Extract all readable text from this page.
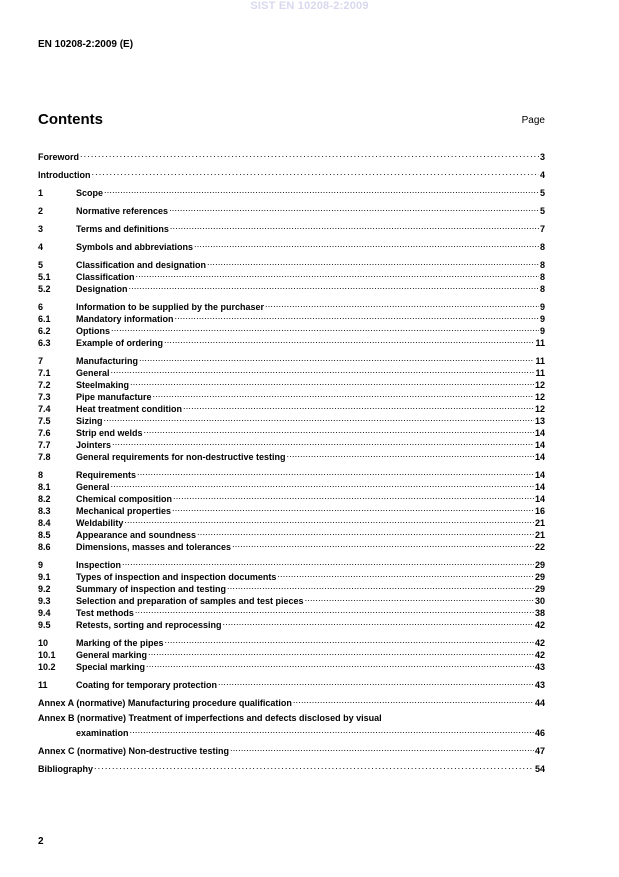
SIST EN 10208-2:2009
EN 10208-2:2009 (E)
Contents	Page
Foreword .....	3
Introduction .....	4
1	Scope .....	5
2	Normative references .....	5
3	Terms and definitions .....	7
4	Symbols and abbreviations .....	8
5	Classification and designation .....	8
5.1	Classification .....	8
5.2	Designation .....	8
6	Information to be supplied by the purchaser .....	9
6.1	Mandatory information .....	9
6.2	Options .....	9
6.3	Example of ordering .....	11
7	Manufacturing .....	11
7.1	General .....	11
7.2	Steelmaking .....	12
7.3	Pipe manufacture .....	12
7.4	Heat treatment condition .....	12
7.5	Sizing .....	13
7.6	Strip end welds .....	14
7.7	Jointers .....	14
7.8	General requirements for non-destructive testing .....	14
8	Requirements .....	14
8.1	General .....	14
8.2	Chemical composition .....	14
8.3	Mechanical properties .....	16
8.4	Weldability .....	21
8.5	Appearance and soundness .....	21
8.6	Dimensions, masses and tolerances .....	22
9	Inspection .....	29
9.1	Types of inspection and inspection documents .....	29
9.2	Summary of inspection and testing .....	29
9.3	Selection and preparation of samples and test pieces .....	30
9.4	Test methods .....	38
9.5	Retests, sorting and reprocessing .....	42
10	Marking of the pipes .....	42
10.1	General marking .....	42
10.2	Special marking .....	43
11	Coating for temporary protection .....	43
Annex A (normative) Manufacturing procedure qualification .....	44
Annex B (normative) Treatment of imperfections and defects disclosed by visual
examination .....	46
Annex C (normative) Non-destructive testing .....	47
Bibliography .....	54
2
